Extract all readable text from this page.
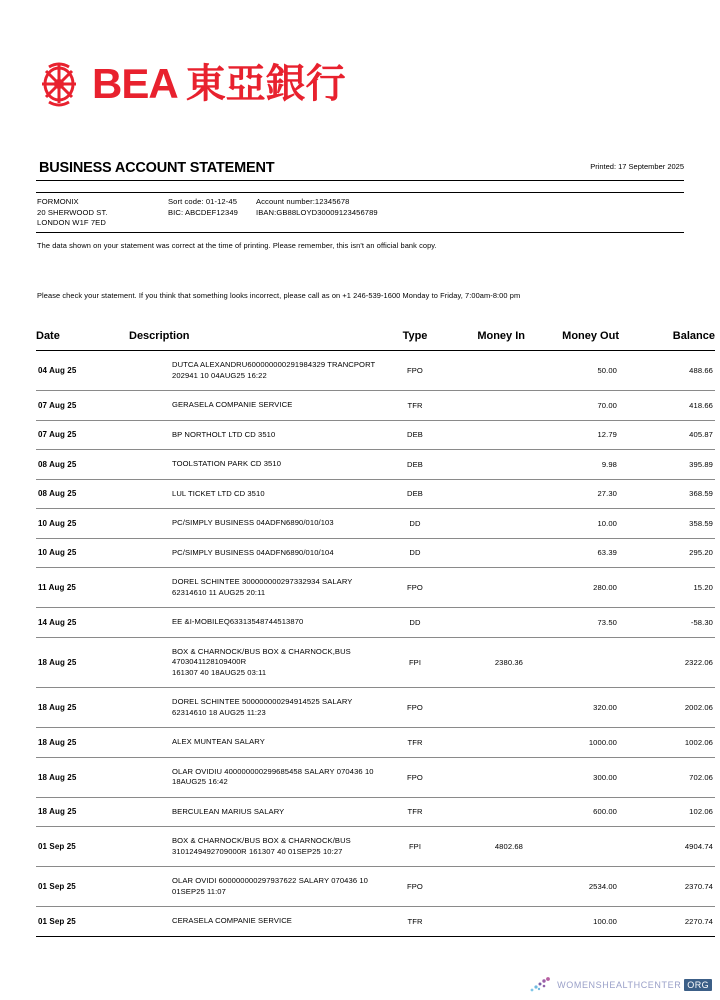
BEA 東亞銀行
BUSINESS ACCOUNT STATEMENT	Printed: 17 September 2025
FORMONIX
20 SHERWOOD ST.
LONDON W1F 7ED
Sort code: 01-12-45	Account number:12345678
BIC: ABCDEF12349	IBAN:GB88LOYD30009123456789
The data shown on your statement was correct at the time of printing. Please remember, this isn't an official bank copy.
Please check your statement. If you think that something looks incorrect, please call as on +1 246-539-1600 Monday to Friday, 7:00am-8:00 pm
Date	Description	Type	Money In	Money Out	Balance
04 Aug 25	DUTCA ALEXANDRU600000000291984329 TRANCPORT
202941 10 04AUG25 16:22	FPO		50.00	488.66
07 Aug 25	GERASELA COMPANIE SERVICE	TFR		70.00	418.66
07 Aug 25	BP NORTHOLT LTD CD 3510	DEB		12.79	405.87
08 Aug 25	TOOLSTATION PARK CD 3510	DEB		9.98	395.89
08 Aug 25	LUL TICKET LTD CD 3510	DEB		27.30	368.59
10 Aug 25	PC/SIMPLY BUSINESS 04ADFN6890/010/103	DD		10.00	358.59
10 Aug 25	PC/SIMPLY BUSINESS 04ADFN6890/010/104	DD		63.39	295.20
11 Aug 25	DOREL SCHINTEE 300000000297332934 SALARY
62314610 11 AUG25 20:11	FPO		280.00	15.20
14 Aug 25	EE &I-MOBILEQ63313548744513870	DD		73.50	-58.30
18 Aug 25	BOX & CHARNOCK/BUS BOX & CHARNOCK,BUS 4703041128109400R
161307 40 18AUG25 03:11	FPI	2380.36		2322.06
18 Aug 25	DOREL SCHINTEE 500000000294914525 SALARY
62314610 18 AUG25 11:23	FPO		320.00	2002.06
18 Aug 25	ALEX MUNTEAN SALARY	TFR		1000.00	1002.06
18 Aug 25	OLAR OVIDIU 400000000299685458 SALARY 070436 10
18AUG25 16:42	FPO		300.00	702.06
18 Aug 25	BERCULEAN MARIUS SALARY	TFR		600.00	102.06
01 Sep 25	BOX & CHARNOCK/BUS BOX & CHARNOCK/BUS
3101249492709000R 161307 40 01SEP25 10:27	FPI	4802.68		4904.74
01 Sep 25	OLAR OVIDI 600000000297937622 SALARY 070436 10
01SEP25 11:07	FPO		2534.00	2370.74
01 Sep 25	CERASELA COMPANIE SERVICE	TFR		100.00	2270.74
WOMENSHEALTHCENTER ORG
